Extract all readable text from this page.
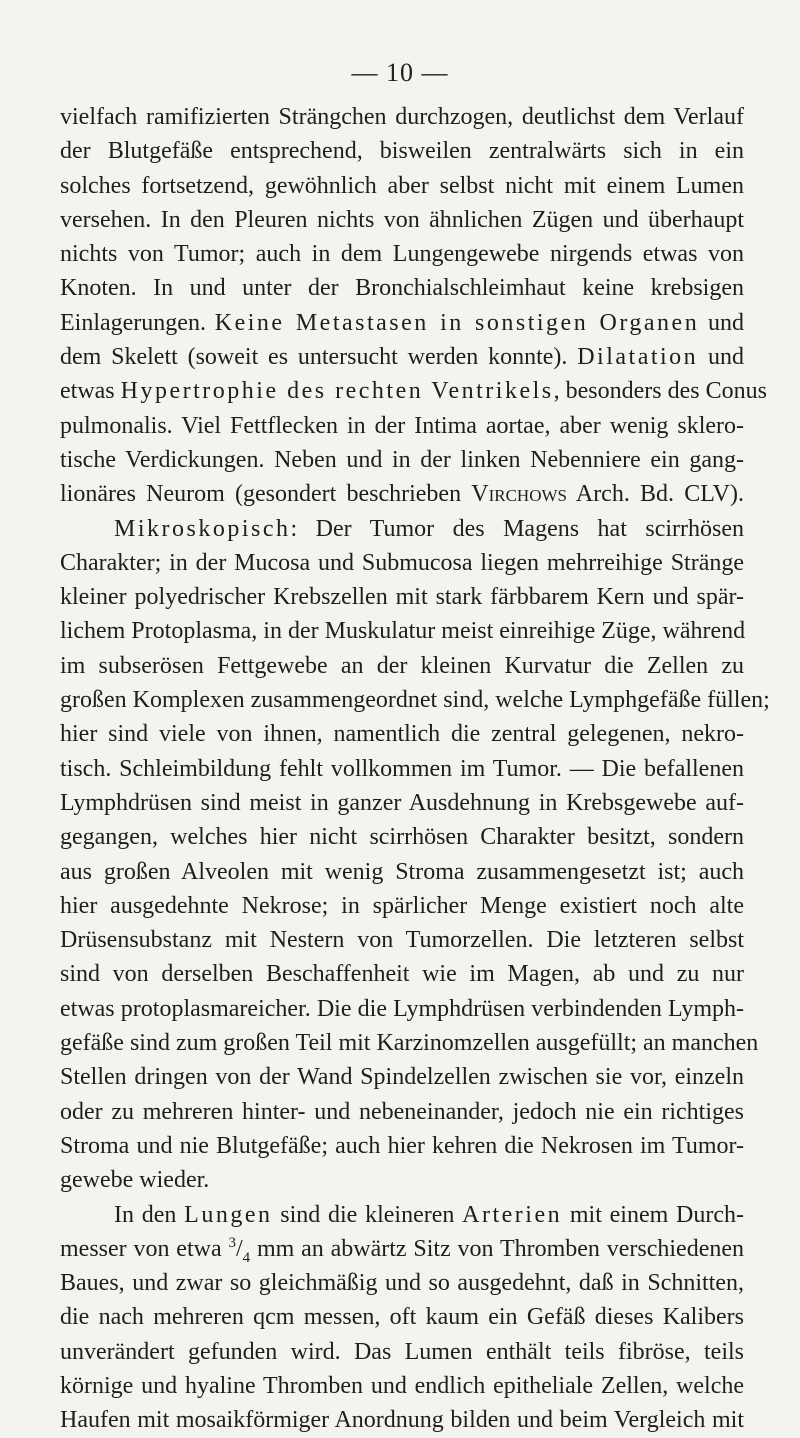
— 10 —
vielfach ramifizierten Strängchen durchzogen, deutlichst dem Verlauf
der Blutgefäße entsprechend, bisweilen zentralwärts sich in ein
solches fortsetzend, gewöhnlich aber selbst nicht mit einem Lumen
versehen. In den Pleuren nichts von ähnlichen Zügen und überhaupt
nichts von Tumor; auch in dem Lungengewebe nirgends etwas von
Knoten. In und unter der Bronchialschleimhaut keine krebsigen
Einlagerungen. Keine Metastasen in sonstigen Organen und
dem Skelett (soweit es untersucht werden konnte). Dilatation und
etwas Hypertrophie des rechten Ventrikels, besonders des Conus
pulmonalis. Viel Fettflecken in der Intima aortae, aber wenig sklero-
tische Verdickungen. Neben und in der linken Nebenniere ein gang-
lionäres Neurom (gesondert beschrieben Virchows Arch. Bd. CLV).
Mikroskopisch: Der Tumor des Magens hat scirrhösen
Charakter; in der Mucosa und Submucosa liegen mehrreihige Stränge
kleiner polyedrischer Krebszellen mit stark färbbarem Kern und spär-
lichem Protoplasma, in der Muskulatur meist einreihige Züge, während
im subserösen Fettgewebe an der kleinen Kurvatur die Zellen zu
großen Komplexen zusammengeordnet sind, welche Lymphgefäße füllen;
hier sind viele von ihnen, namentlich die zentral gelegenen, nekro-
tisch. Schleimbildung fehlt vollkommen im Tumor. — Die befallenen
Lymphdrüsen sind meist in ganzer Ausdehnung in Krebsgewebe auf-
gegangen, welches hier nicht scirrhösen Charakter besitzt, sondern
aus großen Alveolen mit wenig Stroma zusammengesetzt ist; auch
hier ausgedehnte Nekrose; in spärlicher Menge existiert noch alte
Drüsensubstanz mit Nestern von Tumorzellen. Die letzteren selbst
sind von derselben Beschaffenheit wie im Magen, ab und zu nur
etwas protoplasmareicher. Die die Lymphdrüsen verbindenden Lymph-
gefäße sind zum großen Teil mit Karzinomzellen ausgefüllt; an manchen
Stellen dringen von der Wand Spindelzellen zwischen sie vor, einzeln
oder zu mehreren hinter- und nebeneinander, jedoch nie ein richtiges
Stroma und nie Blutgefäße; auch hier kehren die Nekrosen im Tumor-
gewebe wieder.
In den Lungen sind die kleineren Arterien mit einem Durch-
messer von etwa $^3/_4$ mm an abwärtz Sitz von Thromben verschiedenen
Baues, und zwar so gleichmäßig und so ausgedehnt, daß in Schnitten,
die nach mehreren qcm messen, oft kaum ein Gefäß dieses Kalibers
unverändert gefunden wird. Das Lumen enthält teils fibröse, teils
körnige und hyaline Thromben und endlich epitheliale Zellen, welche
Haufen mit mosaikförmiger Anordnung bilden und beim Vergleich mit
